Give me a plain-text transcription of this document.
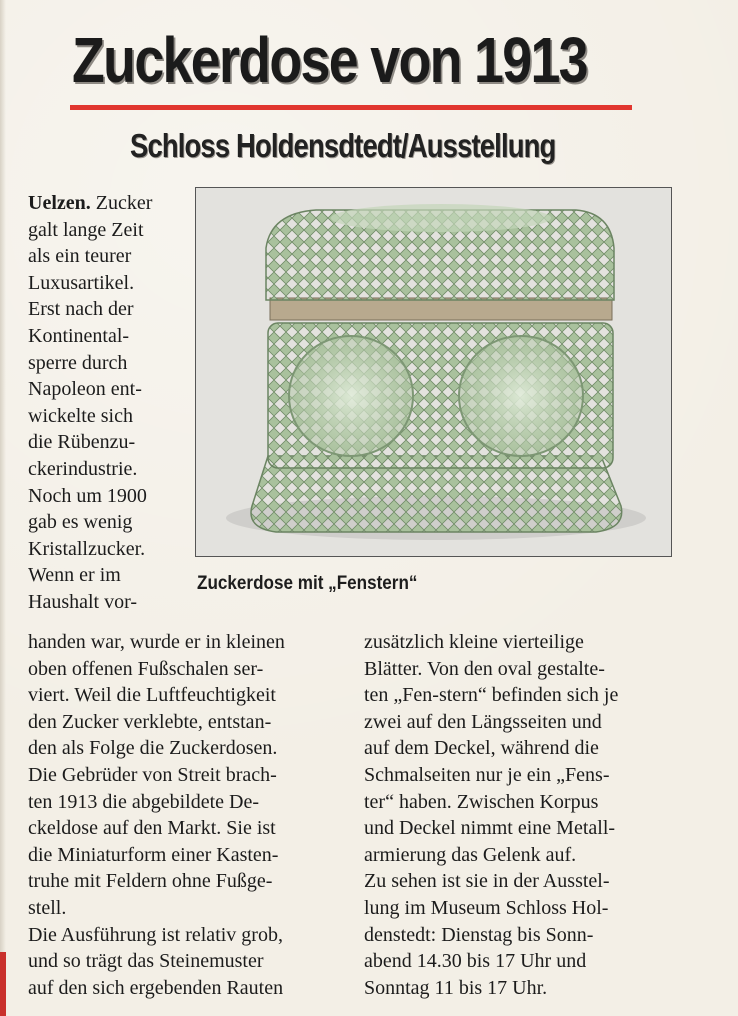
Zuckerdose von 1913
Schloss Holdensdtedt/Ausstellung
Uelzen. Zucker
galt lange Zeit
als ein teurer
Luxusartikel.
Erst nach der
Kontinental-
sperre durch
Napoleon ent-
wickelte sich
die Rübenzu-
ckerindustrie.
Noch um 1900
gab es wenig
Kristallzucker.
Wenn er im
Haushalt vor-
Zuckerdose mit „Fenstern“
handen war, wurde er in kleinen
oben offenen Fußschalen ser-
viert. Weil die Luftfeuchtigkeit
den Zucker verklebte, entstan-
den als Folge die Zuckerdosen.
Die Gebrüder von Streit brach-
ten 1913 die abgebildete De-
ckeldose auf den Markt. Sie ist
die Miniaturform einer Kasten-
truhe mit Feldern ohne Fußge-
stell.
Die Ausführung ist relativ grob,
und so trägt das Steinemuster
auf den sich ergebenden Rauten
zusätzlich kleine vierteilige
Blätter. Von den oval gestalte-
ten „Fen-stern“ befinden sich je
zwei auf den Längsseiten und
auf dem Deckel, während die
Schmalseiten nur je ein „Fens-
ter“ haben. Zwischen Korpus
und Deckel nimmt eine Metall-
armierung das Gelenk auf.
Zu sehen ist sie in der Ausstel-
lung im Museum Schloss Hol-
denstedt: Dienstag bis Sonn-
abend 14.30 bis 17 Uhr und
Sonntag 11 bis 17 Uhr.
